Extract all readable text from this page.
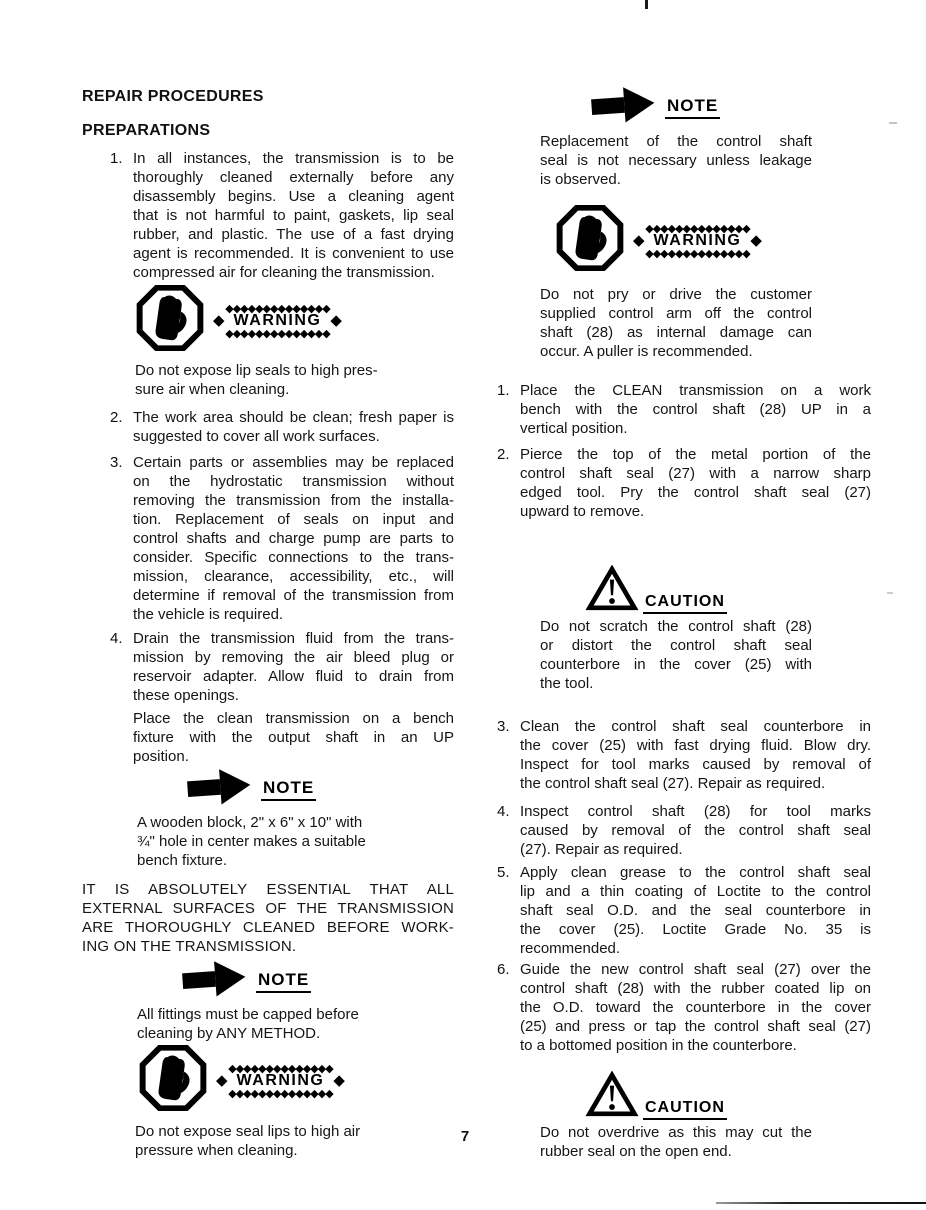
REPAIR PROCEDURES
PREPARATIONS
1. In all instances, the transmission is to be
thoroughly cleaned externally before any
disassembly begins. Use a cleaning agent
that is not harmful to paint, gaskets, lip seal
rubber, and plastic. The use of a fast drying
agent is recommended. It is convenient to use
compressed air for cleaning the transmission.
◆◆◆◆◆◆◆◆◆◆◆◆◆◆
◆ WARNING ◆
◆◆◆◆◆◆◆◆◆◆◆◆◆◆
Do not expose lip seals to high pres-
sure air when cleaning.
2. The work area should be clean; fresh paper is
suggested to cover all work surfaces.
3. Certain parts or assemblies may be replaced
on the hydrostatic transmission without
removing the transmission from the installa-
tion. Replacement of seals on input and
control shafts and charge pump are parts to
consider. Specific connections to the trans-
mission, clearance, accessibility, etc., will
determine if removal of the transmission from
the vehicle is required.
4. Drain the transmission fluid from the trans-
mission by removing the air bleed plug or
reservoir adapter. Allow fluid to drain from
these openings.
Place the clean transmission on a bench
fixture with the output shaft in an UP
position.
NOTE
A wooden block, 2" x 6" x 10" with
¾" hole in center makes a suitable
bench fixture.
IT IS ABSOLUTELY ESSENTIAL THAT ALL
EXTERNAL SURFACES OF THE TRANSMISSION
ARE THOROUGHLY CLEANED BEFORE WORK-
ING ON THE TRANSMISSION.
NOTE
All fittings must be capped before
cleaning by ANY METHOD.
◆◆◆◆◆◆◆◆◆◆◆◆◆◆
◆ WARNING ◆
◆◆◆◆◆◆◆◆◆◆◆◆◆◆
Do not expose seal lips to high air
pressure when cleaning.
NOTE
Replacement of the control shaft
seal is not necessary unless leakage
is observed.
◆◆◆◆◆◆◆◆◆◆◆◆◆◆
◆ WARNING ◆
◆◆◆◆◆◆◆◆◆◆◆◆◆◆
Do not pry or drive the customer
supplied control arm off the control
shaft (28) as internal damage can
occur. A puller is recommended.
1. Place the CLEAN transmission on a work
bench with the control shaft (28) UP in a
vertical position.
2. Pierce the top of the metal portion of the
control shaft seal (27) with a narrow sharp
edged tool. Pry the control shaft seal (27)
upward to remove.
CAUTION
Do not scratch the control shaft (28)
or distort the control shaft seal
counterbore in the cover (25) with
the tool.
3. Clean the control shaft seal counterbore in
the cover (25) with fast drying fluid. Blow dry.
Inspect for tool marks caused by removal of
the control shaft seal (27). Repair as required.
4. Inspect control shaft (28) for tool marks
caused by removal of the control shaft seal
(27). Repair as required.
5. Apply clean grease to the control shaft seal
lip and a thin coating of Loctite to the control
shaft seal O.D. and the seal counterbore in
the cover (25). Loctite Grade No. 35 is
recommended.
6. Guide the new control shaft seal (27) over the
control shaft (28) with the rubber coated lip on
the O.D. toward the counterbore in the cover
(25) and press or tap the control shaft seal (27)
to a bottomed position in the counterbore.
CAUTION
Do not overdrive as this may cut the
rubber seal on the open end.
7
